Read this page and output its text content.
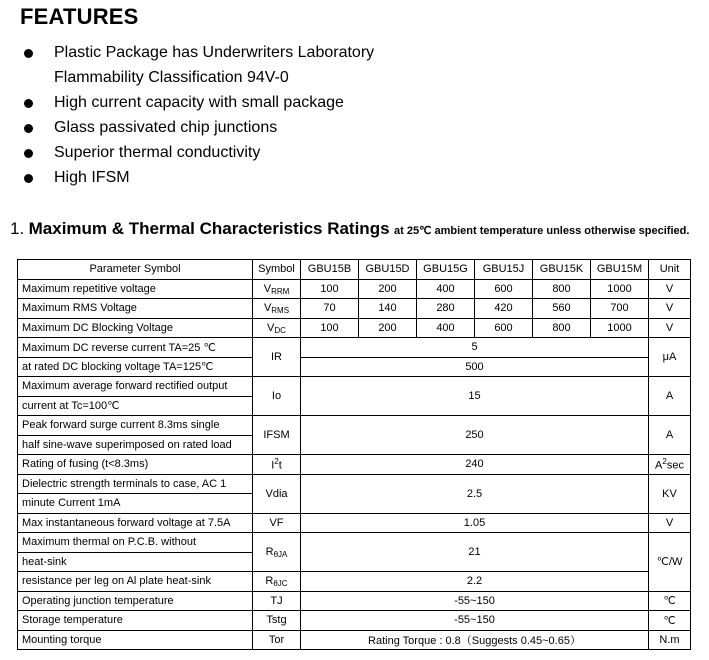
FEATURES
Plastic Package has Underwriters Laboratory
Flammability Classification 94V-0
High current capacity with small package
Glass passivated chip junctions
Superior thermal conductivity
High IFSM
1. Maximum & Thermal Characteristics Ratings at 25℃ ambient temperature unless otherwise specified.
Parameter Symbol	Symbol	GBU15B	GBU15D	GBU15G	GBU15J	GBU15K	GBU15M	Unit
Maximum repetitive voltage	$V_{RRM}$	100	200	400	600	800	1000	V
Maximum RMS Voltage	$V_{RMS}$	70	140	280	420	560	700	V
Maximum DC Blocking Voltage	$V_{DC}$	100	200	400	600	800	1000	V
Maximum DC reverse current TA=25 ℃	IR	5						μA
at rated DC blocking voltage TA=125℃		500						
Maximum average forward rectified output	Io	15						A
current at Tc=100℃								
Peak forward surge current 8.3ms single	IFSM	250						A
half sine-wave superimposed on rated load								
Rating of fusing (t<8.3ms)	$I^2t$	240						$A^2\sec$
Dielectric strength terminals to case, AC 1	Vdia	2.5						KV
minute Current 1mA								
Max instantaneous forward voltage at 7.5A	VF	1.05						V
Maximum thermal on P.C.B. without	$R_{\theta JA}$	21						℃/W
heat-sink								
resistance per leg on Al plate heat-sink	$R_{\theta JC}$	2.2						
Operating junction temperature	TJ	-55~150						℃
Storage temperature	Tstg	-55~150						℃
Mounting torque	Tor	Rating Torque : 0.8（Suggests 0.45~0.65）						N.m
